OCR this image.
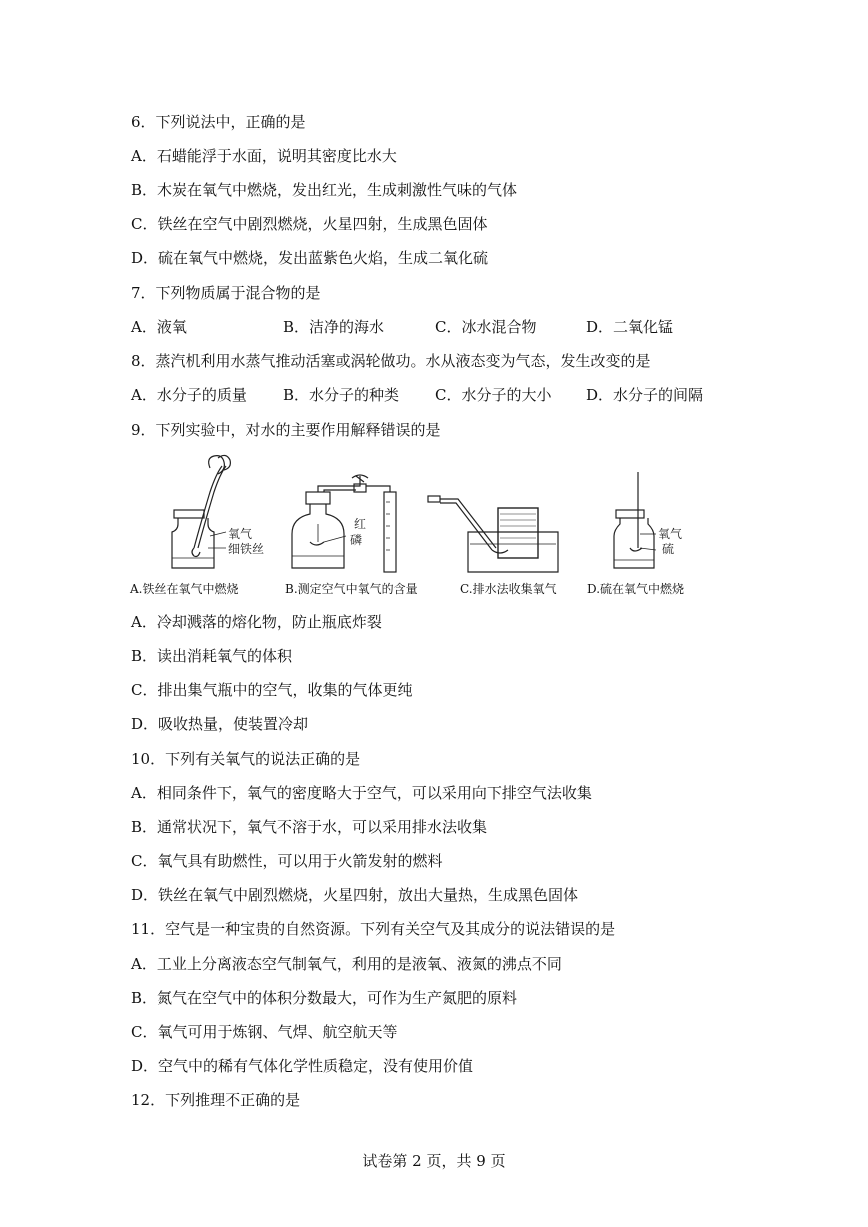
6．下列说法中，正确的是
A．石蜡能浮于水面，说明其密度比水大
B．木炭在氧气中燃烧，发出红光，生成刺激性气味的气体
C．铁丝在空气中剧烈燃烧，火星四射，生成黑色固体
D．硫在氧气中燃烧，发出蓝紫色火焰，生成二氧化硫
7．下列物质属于混合物的是
A．液氧	B．洁净的海水	C．冰水混合物	D．二氧化锰
8．蒸汽机利用水蒸气推动活塞或涡轮做功。水从液态变为气态，发生改变的是
A．水分子的质量 B．水分子的种类 C．水分子的大小 D．水分子的间隔
9．下列实验中，对水的主要作用解释错误的是
氧气
细铁丝
红
磷	氧气
硫
A.铁丝在氧气中燃烧	B.测定空气中氧气的含量	C.排水法收集氧气	D.硫在氧气中燃烧
A．冷却溅落的熔化物，防止瓶底炸裂
B．读出消耗氧气的体积
C．排出集气瓶中的空气，收集的气体更纯
D．吸收热量，使装置冷却
10．下列有关氧气的说法正确的是
A．相同条件下，氧气的密度略大于空气，可以采用向下排空气法收集
B．通常状况下，氧气不溶于水，可以采用排水法收集
C．氧气具有助燃性，可以用于火箭发射的燃料
D．铁丝在氧气中剧烈燃烧，火星四射，放出大量热，生成黑色固体
11．空气是一种宝贵的自然资源。下列有关空气及其成分的说法错误的是
A．工业上分离液态空气制氧气，利用的是液氧、液氮的沸点不同
B．氮气在空气中的体积分数最大，可作为生产氮肥的原料
C．氧气可用于炼钢、气焊、航空航天等
D．空气中的稀有气体化学性质稳定，没有使用价值
12．下列推理不正确的是
试卷第 2 页，共 9 页
